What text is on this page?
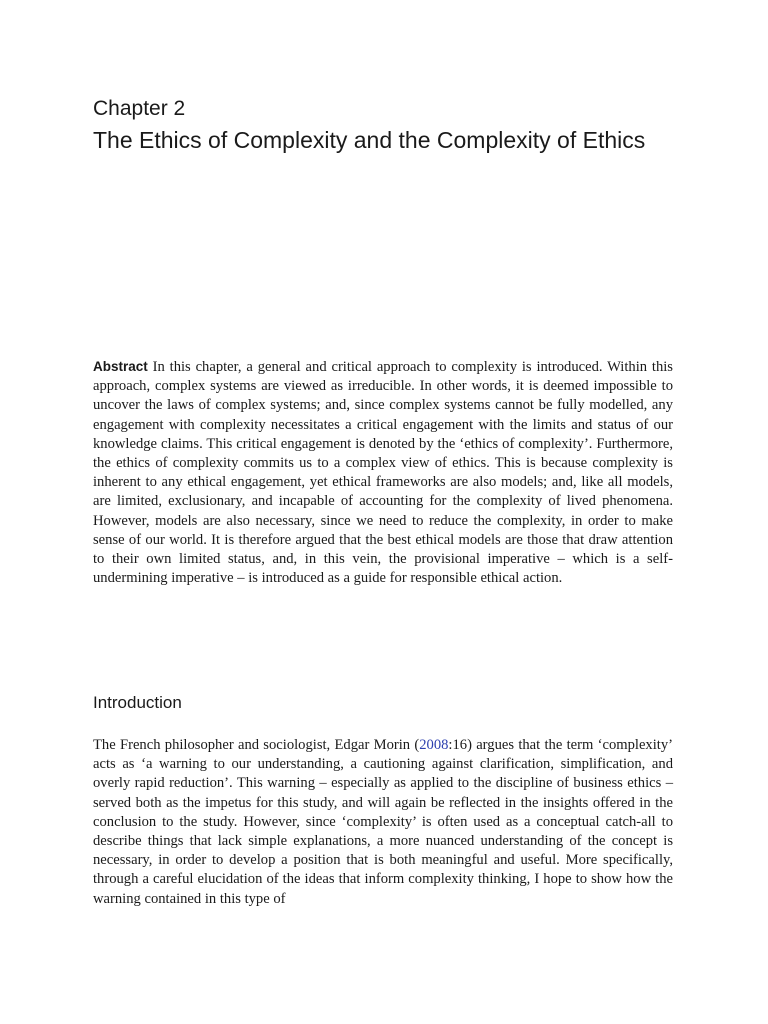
Chapter 2
The Ethics of Complexity and the Complexity of Ethics

Abstract In this chapter, a general and critical approach to complexity is introduced. Within this approach, complex systems are viewed as irreducible. In other words, it is deemed impossible to uncover the laws of complex systems; and, since complex systems cannot be fully modelled, any engagement with complexity necessitates a critical engagement with the limits and status of our knowledge claims. This critical engagement is denoted by the ‘ethics of complexity’. Furthermore, the ethics of complexity commits us to a complex view of ethics. This is because complexity is inherent to any ethical engagement, yet ethical frameworks are also models; and, like all models, are limited, exclusionary, and incapable of accounting for the complexity of lived phenomena. However, models are also necessary, since we need to reduce the complexity, in order to make sense of our world. It is therefore argued that the best ethical models are those that draw attention to their own limited status, and, in this vein, the provisional imperative – which is a self-undermining imperative – is introduced as a guide for responsible ethical action.

Introduction

The French philosopher and sociologist, Edgar Morin (2008:16) argues that the term ‘complexity’ acts as ‘a warning to our understanding, a cautioning against clarification, simplification, and overly rapid reduction’. This warning – especially as applied to the discipline of business ethics – served both as the impetus for this study, and will again be reflected in the insights offered in the conclusion to the study. However, since ‘complexity’ is often used as a conceptual catch-all to describe things that lack simple explanations, a more nuanced understanding of the concept is necessary, in order to develop a position that is both meaningful and useful. More specifically, through a careful elucidation of the ideas that inform complexity thinking, I hope to show how the warning contained in this type of
